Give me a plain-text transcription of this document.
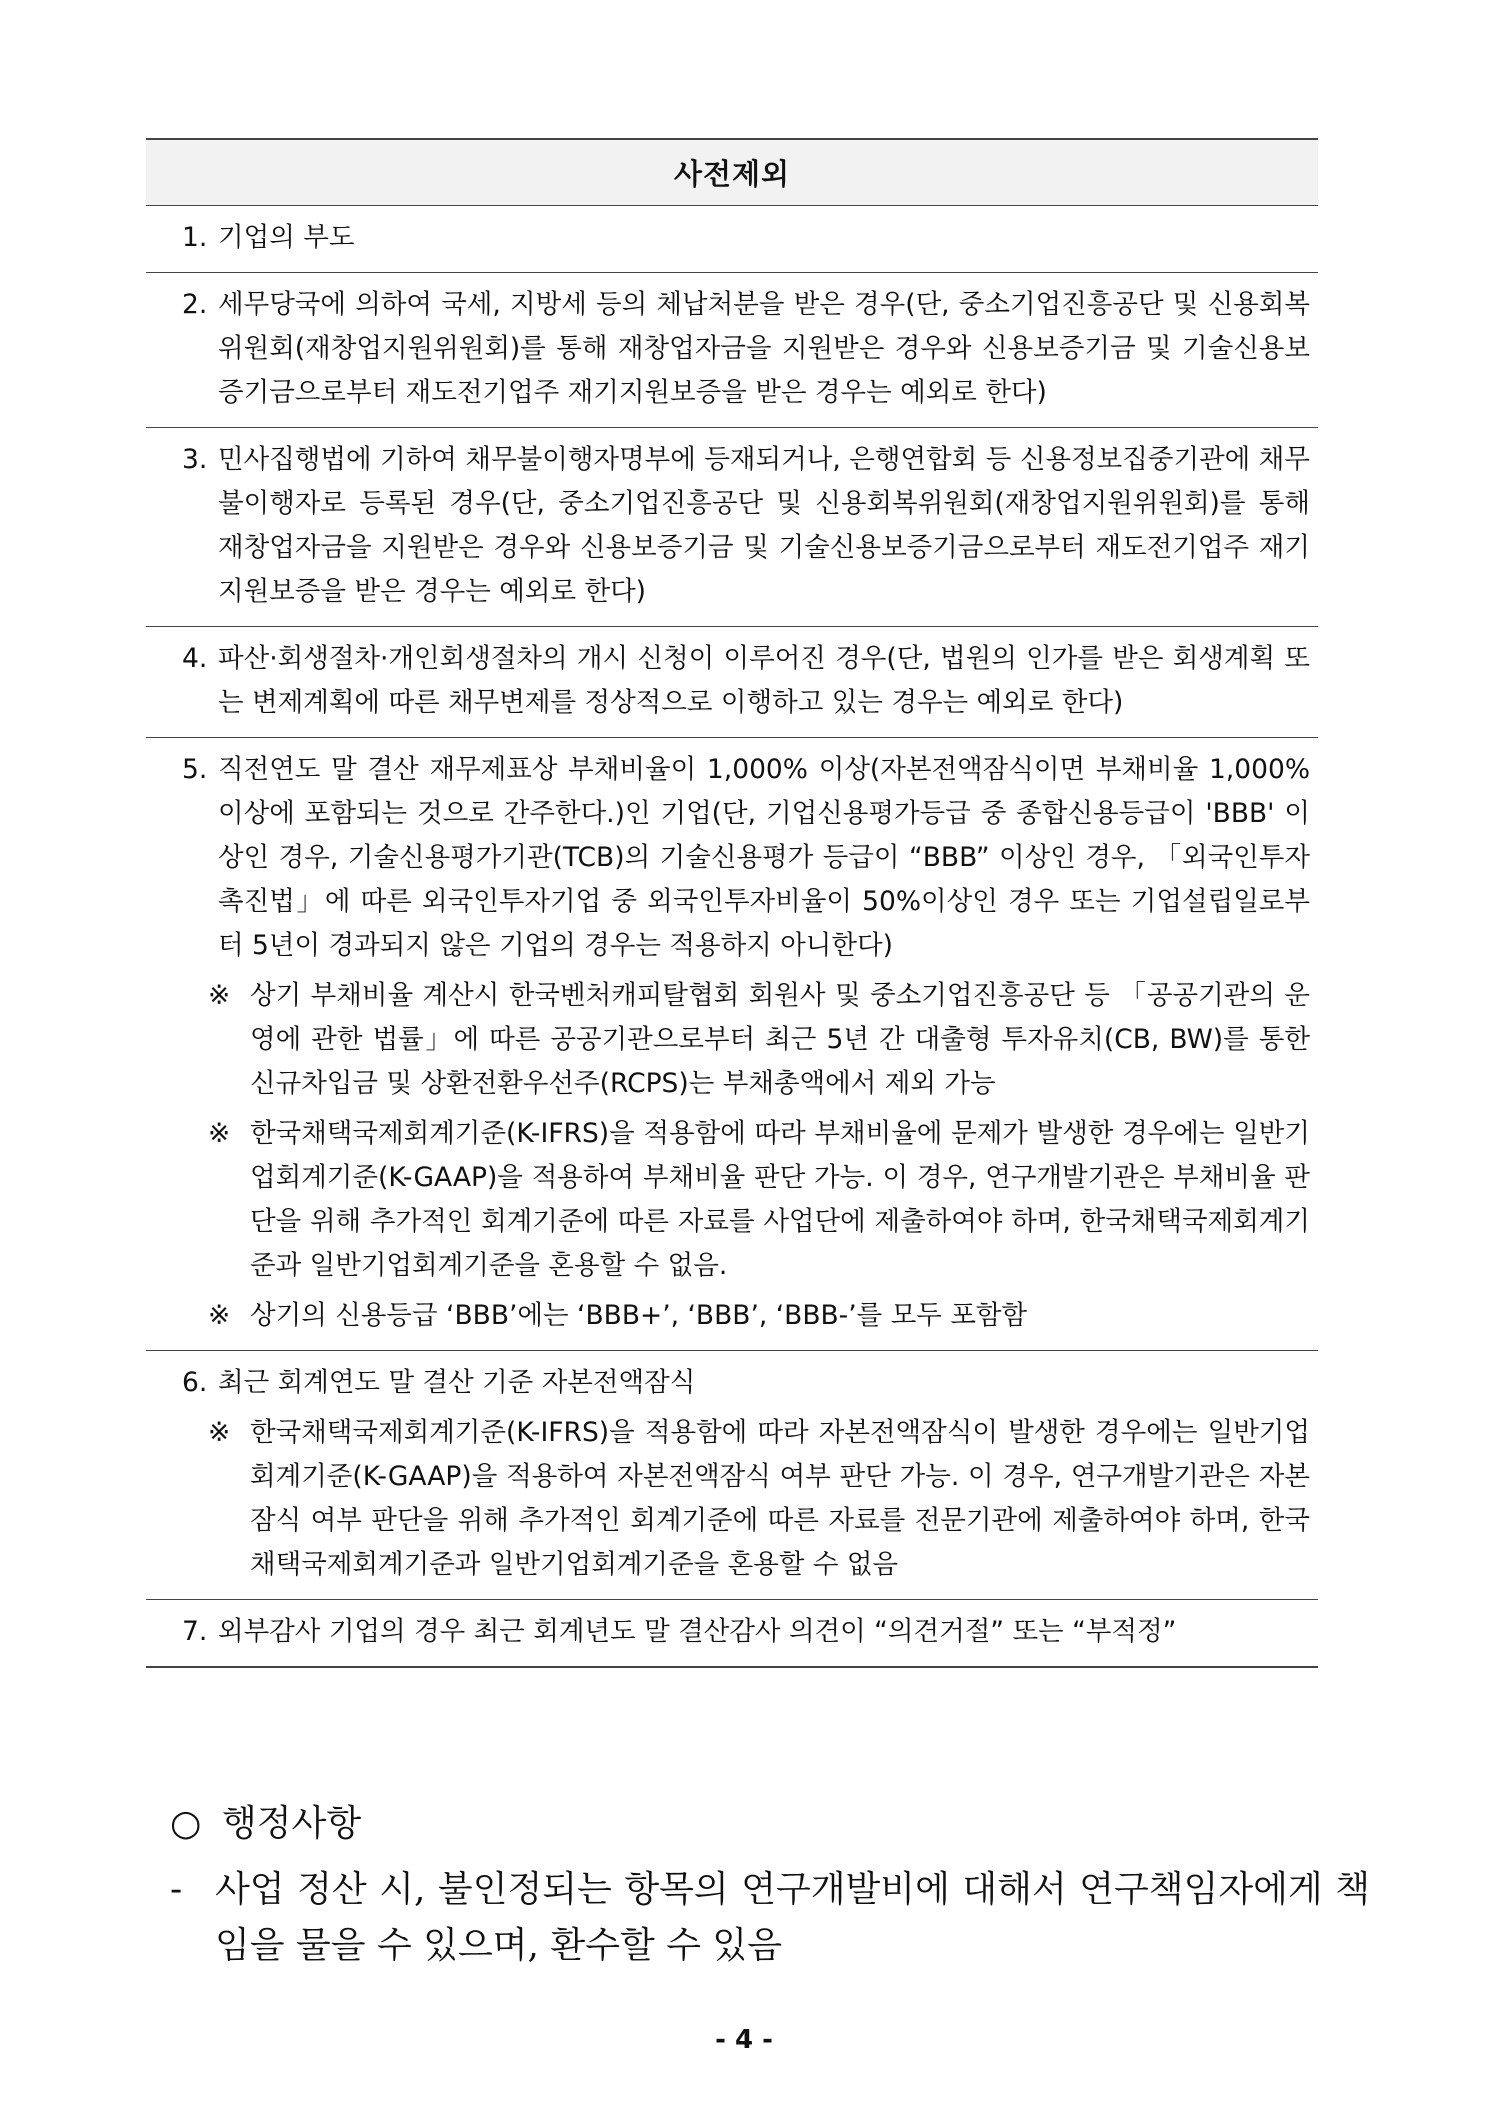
사전제외
1. 기업의 부도
2. 세무당국에 의하여 국세, 지방세 등의 체납처분을 받은 경우(단, 중소기업진흥공단 및 신용회복위원회(재창업지원위원회)를 통해 재창업자금을 지원받은 경우와 신용보증기금 및 기술신용보증기금으로부터 재도전기업주 재기지원보증을 받은 경우는 예외로 한다)
3. 민사집행법에 기하여 채무불이행자명부에 등재되거나, 은행연합회 등 신용정보집중기관에 채무불이행자로 등록된 경우(단, 중소기업진흥공단 및 신용회복위원회(재창업지원위원회)를 통해 재창업자금을 지원받은 경우와 신용보증기금 및 기술신용보증기금으로부터 재도전기업주 재기지원보증을 받은 경우는 예외로 한다)
4. 파산·회생절차·개인회생절차의 개시 신청이 이루어진 경우(단, 법원의 인가를 받은 회생계획 또는 변제계획에 따른 채무변제를 정상적으로 이행하고 있는 경우는 예외로 한다)
5. 직전연도 말 결산 재무제표상 부채비율이 1,000% 이상(자본전액잠식이면 부채비율 1,000% 이상에 포함되는 것으로 간주한다.)인 기업(단, 기업신용평가등급 중 종합신용등급이 'BBB' 이상인 경우, 기술신용평가기관(TCB)의 기술신용평가 등급이 “BBB” 이상인 경우, 「외국인투자 촉진법」에 따른 외국인투자기업 중 외국인투자비율이 50%이상인 경우 또는 기업설립일로부터 5년이 경과되지 않은 기업의 경우는 적용하지 아니한다)
※ 상기 부채비율 계산시 한국벤처캐피탈협회 회원사 및 중소기업진흥공단 등 「공공기관의 운영에 관한 법률」에 따른 공공기관으로부터 최근 5년 간 대출형 투자유치(CB, BW)를 통한 신규차입금 및 상환전환우선주(RCPS)는 부채총액에서 제외 가능
※ 한국채택국제회계기준(K-IFRS)을 적용함에 따라 부채비율에 문제가 발생한 경우에는 일반기업회계기준(K-GAAP)을 적용하여 부채비율 판단 가능. 이 경우, 연구개발기관은 부채비율 판단을 위해 추가적인 회계기준에 따른 자료를 사업단에 제출하여야 하며, 한국채택국제회계기준과 일반기업회계기준을 혼용할 수 없음.
※ 상기의 신용등급 ‘BBB’에는 ‘BBB+’, ‘BBB’, ‘BBB-’를 모두 포함함
6. 최근 회계연도 말 결산 기준 자본전액잠식
※ 한국채택국제회계기준(K-IFRS)을 적용함에 따라 자본전액잠식이 발생한 경우에는 일반기업회계기준(K-GAAP)을 적용하여 자본전액잠식 여부 판단 가능. 이 경우, 연구개발기관은 자본잠식 여부 판단을 위해 추가적인 회계기준에 따른 자료를 전문기관에 제출하여야 하며, 한국채택국제회계기준과 일반기업회계기준을 혼용할 수 없음
7. 외부감사 기업의 경우 최근 회계년도 말 결산감사 의견이 “의견거절” 또는 “부적정”
○ 행정사항
- 사업 정산 시, 불인정되는 항목의 연구개발비에 대해서 연구책임자에게 책임을 물을 수 있으며, 환수할 수 있음
- 4 -
